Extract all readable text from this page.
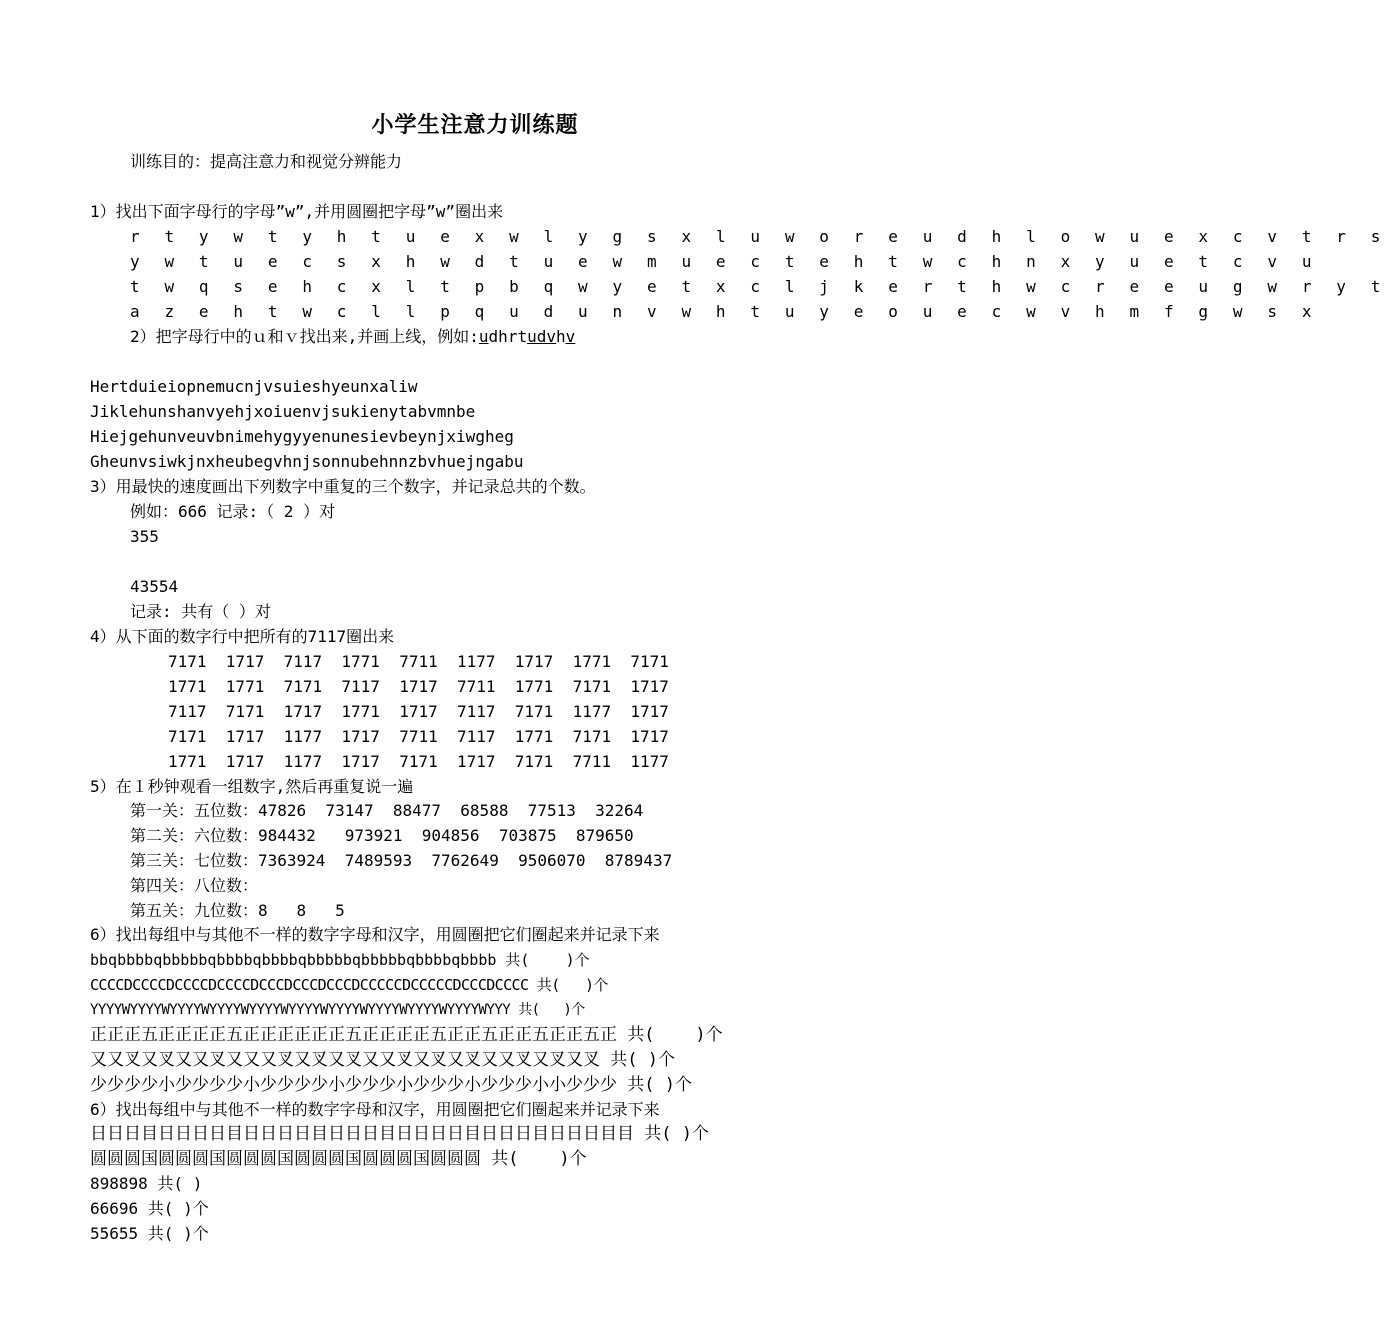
小学生注意力训练题
训练目的：提高注意力和视觉分辨能力
1）找出下面字母行的字母”w”,并用圆圈把字母”w”圈出来
r t y w t y h t u e x w l y g s x l u w o r e u d h l o w u e x c v t r s
y w t u e c s x h w d t u e w m u e c t e h t w c h n x y u e t c v u
t w q s e h c x l t p b q w y e t x c l j k e r t h w c r e e u g w r y t
a z e h t w c l l p q u d u n v w h t u y e o u e c w v h m f g w s x
2）把字母行中的ｕ和ｖ找出来,并画上线，例如:udhrtudvhv
Hertduieiopnemucnjvsuieshyeunxaliw
Jiklehunshanvyehjxoiuenvjsukienytabvmnbe
Hiejgehunveuvbnimehygyyenunesievbeynjxiwgheg
Gheunvsiwkjnxheubegvhnjsonnubehnnzbvhuejngabu
3）用最快的速度画出下列数字中重复的三个数字，并记录总共的个数。
例如：666 记录:（ 2 ）对
355
43554
记录: 共有（ ）对
4）从下面的数字行中把所有的7117圈出来
7171  1717  7117  1771  7711  1177  1717  1771  7171
1771  1771  7171  7117  1717  7711  1771  7171  1717
7117  7171  1717  1771  1717  7117  7171  1177  1717
7171  1717  1177  1717  7711  7117  1771  7171  1717
1771  1717  1177  1717  7171  1717  7171  7711  1177
5）在１秒钟观看一组数字,然后再重复说一遍
第一关：五位数：47826  73147  88477  68588  77513  32264
第二关：六位数：984432   973921  904856  703875  879650
第三关：七位数：7363924  7489593  7762649  9506070  8789437
第四关：八位数：
第五关：九位数：8   8   5
6）找出每组中与其他不一样的数字字母和汉字，用圆圈把它们圈起来并记录下来
bbqbbbbqbbbbbqbbbbqbbbbqbbbbbqbbbbbqbbbbqbbbb 共(    )个
CCCCDCCCCDCCCCDCCCCDCCCDCCCDCCCDCCCCCDCCCCCDCCCDCCCC 共(   )个
YYYYWYYYYWYYYYWYYYYWYYYYWYYYYWYYYYWYYYYWYYYYWYYYYWYYY 共(   )个
正正正五正正正正五正正正正正正五正正正正五正正五正正五正正五正 共(    )个
又又叉又叉又又叉又又又叉又叉又叉又又叉又叉又叉又又叉又叉又叉 共( )个
少少少少小少少少少小少少少少小少少少小少少少小少少少小小少少少 共( )个
6）找出每组中与其他不一样的数字字母和汉字，用圆圈把它们圈起来并记录下来
日日日目日日日日目日日日日目日日日目日日日日目日日日目日日日目目 共( )个
圆圆圆国圆圆圆国圆圆圆国圆圆圆国圆圆圆国圆圆圆 共(    )个
898898 共( )
66696 共( )个
55655 共( )个
